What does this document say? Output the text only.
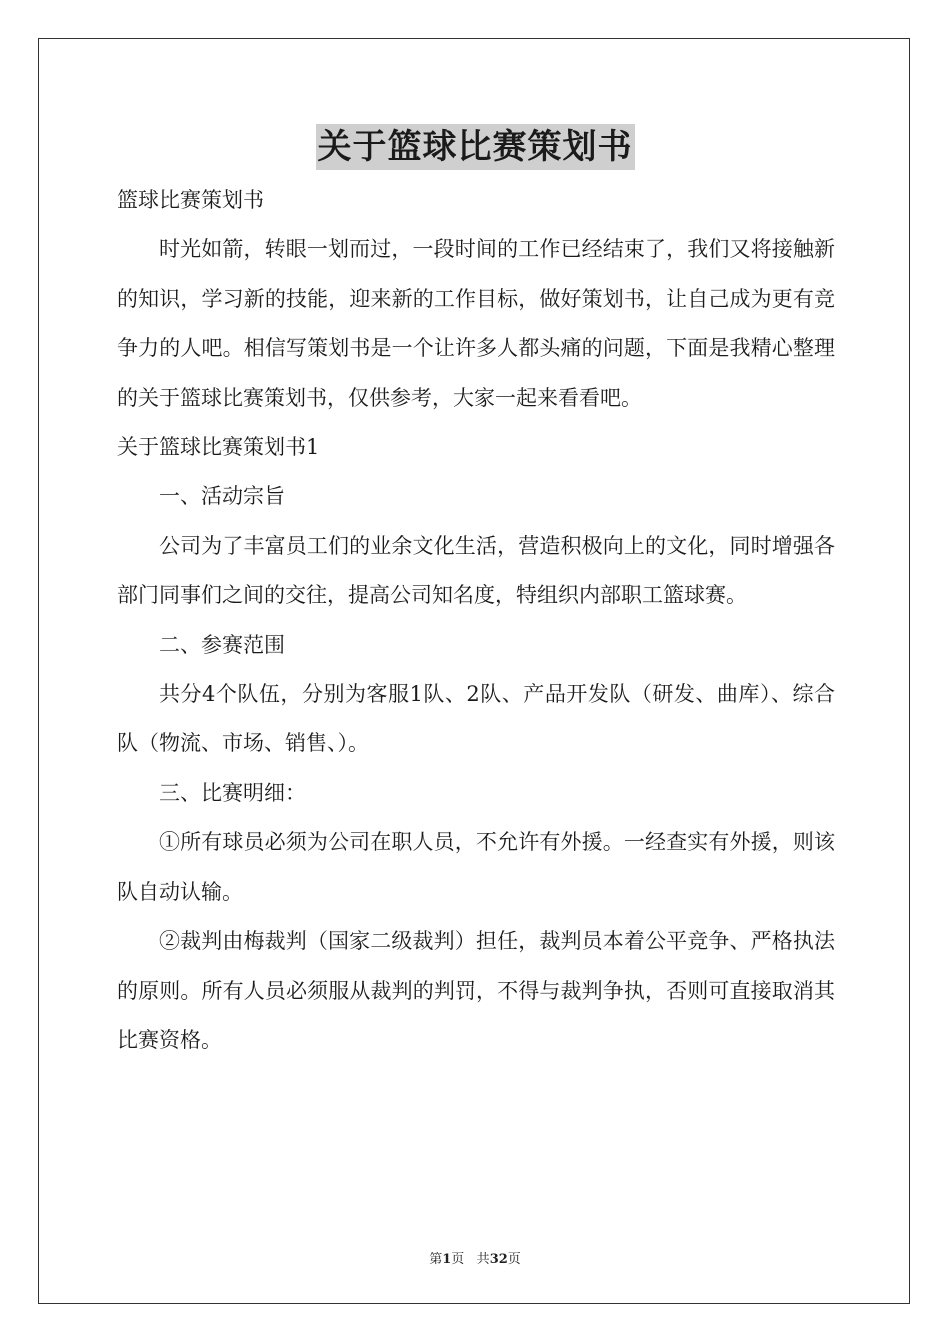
关于篮球比赛策划书

篮球比赛策划书

时光如箭，转眼一划而过，一段时间的工作已经结束了，我们又将接触新的知识，学习新的技能，迎来新的工作目标，做好策划书，让自己成为更有竞争力的人吧。相信写策划书是一个让许多人都头痛的问题，下面是我精心整理的关于篮球比赛策划书，仅供参考，大家一起来看看吧。

关于篮球比赛策划书1

一、活动宗旨

公司为了丰富员工们的业余文化生活，营造积极向上的文化，同时增强各部门同事们之间的交往，提高公司知名度，特组织内部职工篮球赛。

二、参赛范围

共分4个队伍，分别为客服1队、2队、产品开发队（研发、曲库）、综合队（物流、市场、销售、）。

三、比赛明细：

①所有球员必须为公司在职人员，不允许有外援。一经查实有外援，则该队自动认输。

②裁判由梅裁判（国家二级裁判）担任，裁判员本着公平竞争、严格执法的原则。所有人员必须服从裁判的判罚，不得与裁判争执，否则可直接取消其比赛资格。

第1页 共32页
